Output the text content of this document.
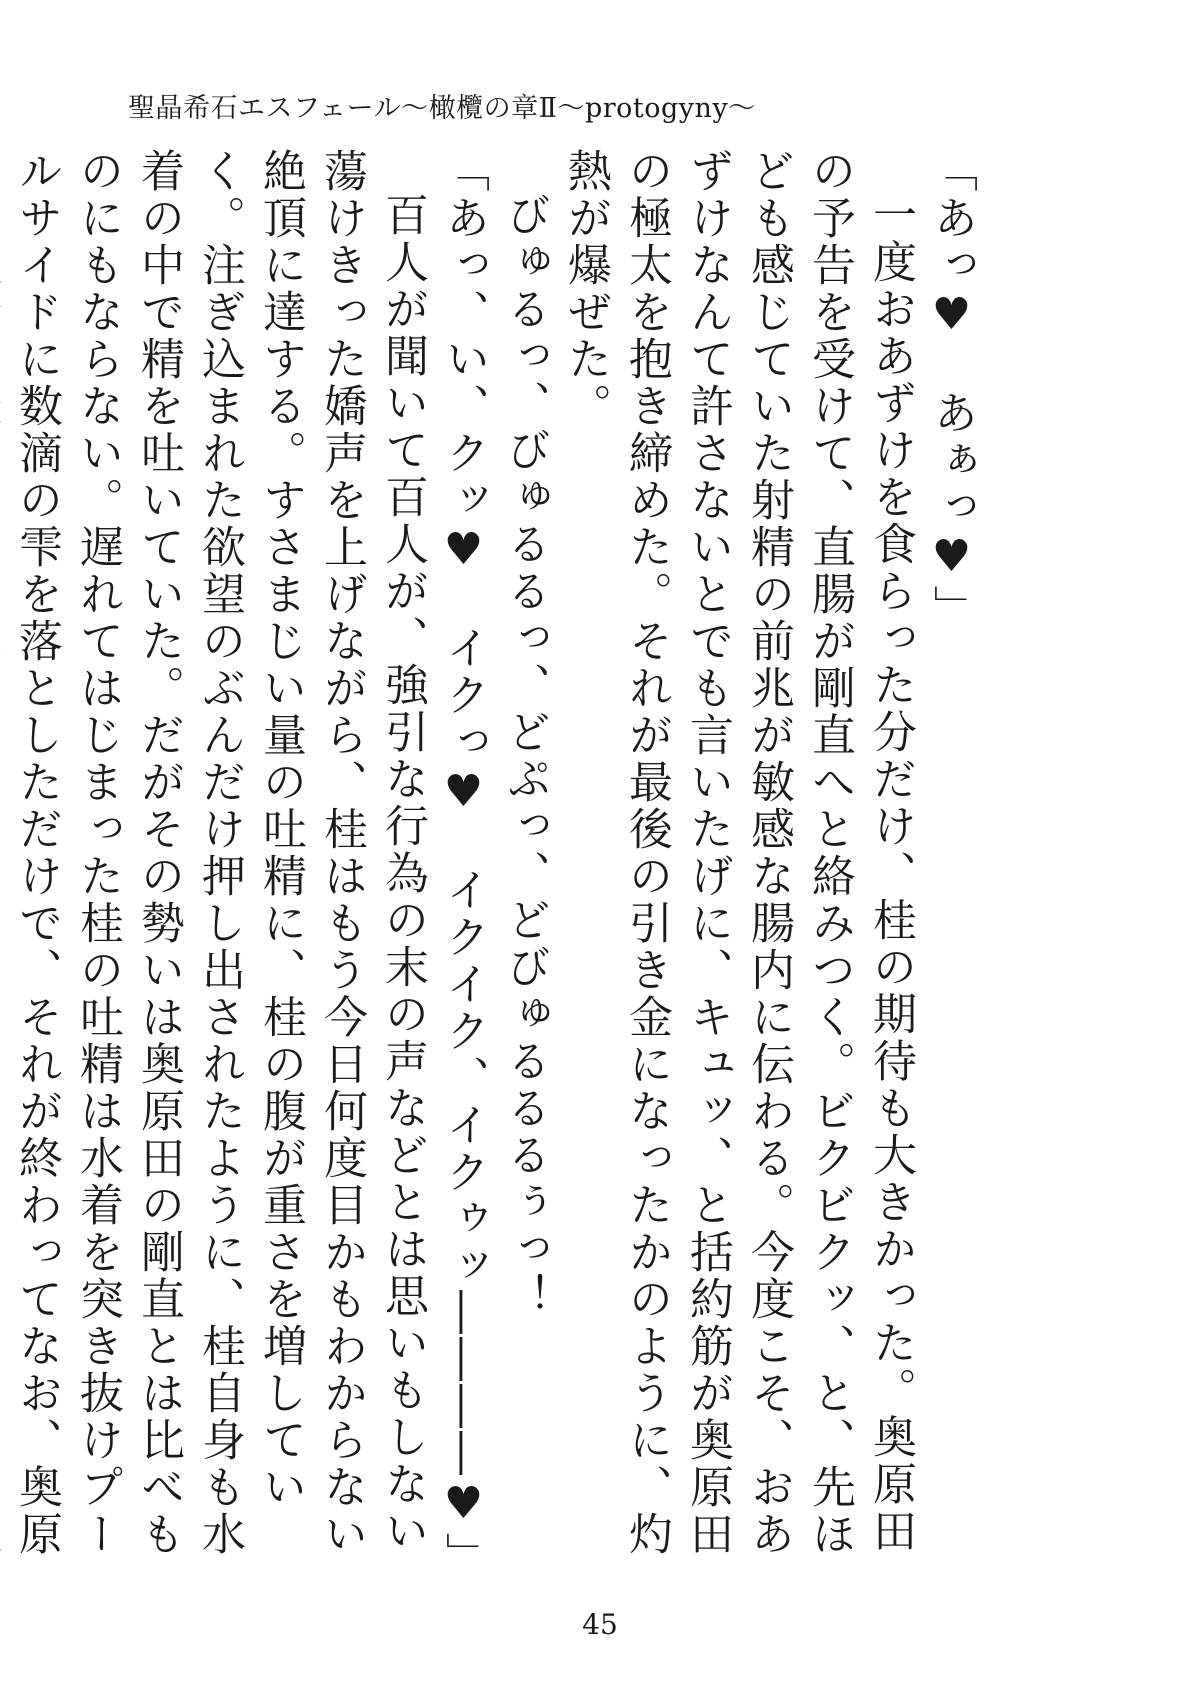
聖晶希石エスフェール〜橄欖の章Ⅱ〜protogyny〜

「あっ♥　あぁっ♥」

一度おあずけを食らった分だけ、桂の期待も大きかった。奥原田の予告を受けて、直腸が剛直へと絡みつく。ビクビクッ、と、先ほども感じていた射精の前兆が敏感な腸内に伝わる。今度こそ、おあずけなんて許さないとでも言いたげに、キュッ、と括約筋が奥原田の極太を抱き締めた。それが最後の引き金になったかのように、灼熱が爆ぜた。

びゅるっ、びゅるるっ、どぷっ、どびゅるるるぅっ！

「あっ、い、クッ♥　イクっ♥　イクイク、イクゥッ――――♥」

百人が聞いて百人が、強引な行為の末の声などとは思いもしない蕩けきった嬌声を上げながら、桂はもう今日何度目かもわからない絶頂に達する。すさまじい量の吐精に、桂の腹が重さを増していく。注ぎ込まれた欲望のぶんだけ押し出されたように、桂自身も水着の中で精を吐いていた。だがその勢いは奥原田の剛直とは比べものにもならない。遅れてはじまった桂の吐精は水着を突き抜けプールサイドに数滴の雫を落としただけで、それが終わってなお、奥原

45
